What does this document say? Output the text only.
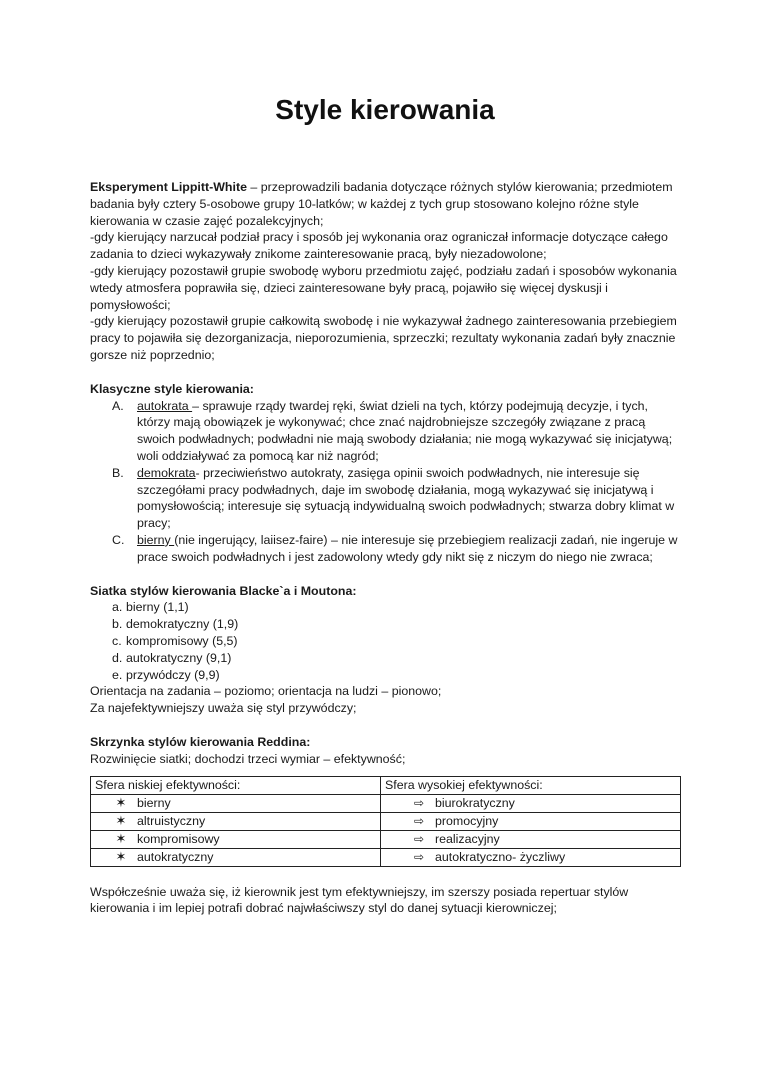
Style kierowania

Eksperyment Lippitt-White – przeprowadzili badania dotyczące różnych stylów kierowania; przedmiotem badania były cztery 5-osobowe grupy 10-latków; w każdej z tych grup stosowano kolejno różne style kierowania w czasie zajęć pozalekcyjnych;

-gdy kierujący narzucał podział pracy i sposób jej wykonania oraz ograniczał informacje dotyczące całego zadania to dzieci wykazywały znikome zainteresowanie pracą, były niezadowolone;

-gdy kierujący pozostawił grupie swobodę wyboru przedmiotu zajęć, podziału zadań i sposobów wykonania wtedy atmosfera poprawiła się, dzieci zainteresowane były pracą, pojawiło się więcej dyskusji i pomysłowości;

-gdy kierujący pozostawił grupie całkowitą swobodę i nie wykazywał żadnego zainteresowania przebiegiem pracy to pojawiła się dezorganizacja, nieporozumienia, sprzeczki; rezultaty wykonania zadań były znacznie gorsze niż poprzednio;

Klasyczne style kierowania:

A. autokrata – sprawuje rządy twardej ręki, świat dzieli na tych, którzy podejmują decyzje, i tych, którzy mają obowiązek je wykonywać; chce znać najdrobniejsze szczegóły związane z pracą swoich podwładnych; podwładni nie mają swobody działania; nie mogą wykazywać się inicjatywą; woli oddziaływać za pomocą kar niż nagród;
B. demokrata- przeciwieństwo autokraty, zasięga opinii swoich podwładnych, nie interesuje się szczegółami pracy podwładnych, daje im swobodę działania, mogą wykazywać się inicjatywą i pomysłowością; interesuje się sytuacją indywidualną swoich podwładnych; stwarza dobry klimat w pracy;
C. bierny (nie ingerujący, laiisez-faire) – nie interesuje się przebiegiem realizacji zadań, nie ingeruje w prace swoich podwładnych i jest zadowolony wtedy gdy nikt się z niczym do niego nie zwraca;

Siatka stylów kierowania Blacke`a i Moutona:

a. bierny (1,1)
b. demokratyczny (1,9)
c. kompromisowy (5,5)
d. autokratyczny (9,1)
e. przywódczy (9,9)

Orientacja na zadania – poziomo; orientacja na ludzi – pionowo;

Za najefektywniejszy uważa się styl przywódczy;

Skrzynka stylów kierowania Reddina:

Rozwinięcie siatki; dochodzi trzeci wymiar – efektywność;

Sfera niskiej efektywności:	Sfera wysokiej efektywności:
✶ bierny	⇨ biurokratyczny
✶ altruistyczny	⇨ promocyjny
✶ kompromisowy	⇨ realizacyjny
✶ autokratyczny	⇨ autokratyczno- życzliwy

Współcześnie uważa się, iż kierownik jest tym efektywniejszy, im szerszy posiada repertuar stylów kierowania i im lepiej potrafi dobrać najwłaściwszy styl do danej sytuacji kierowniczej;
